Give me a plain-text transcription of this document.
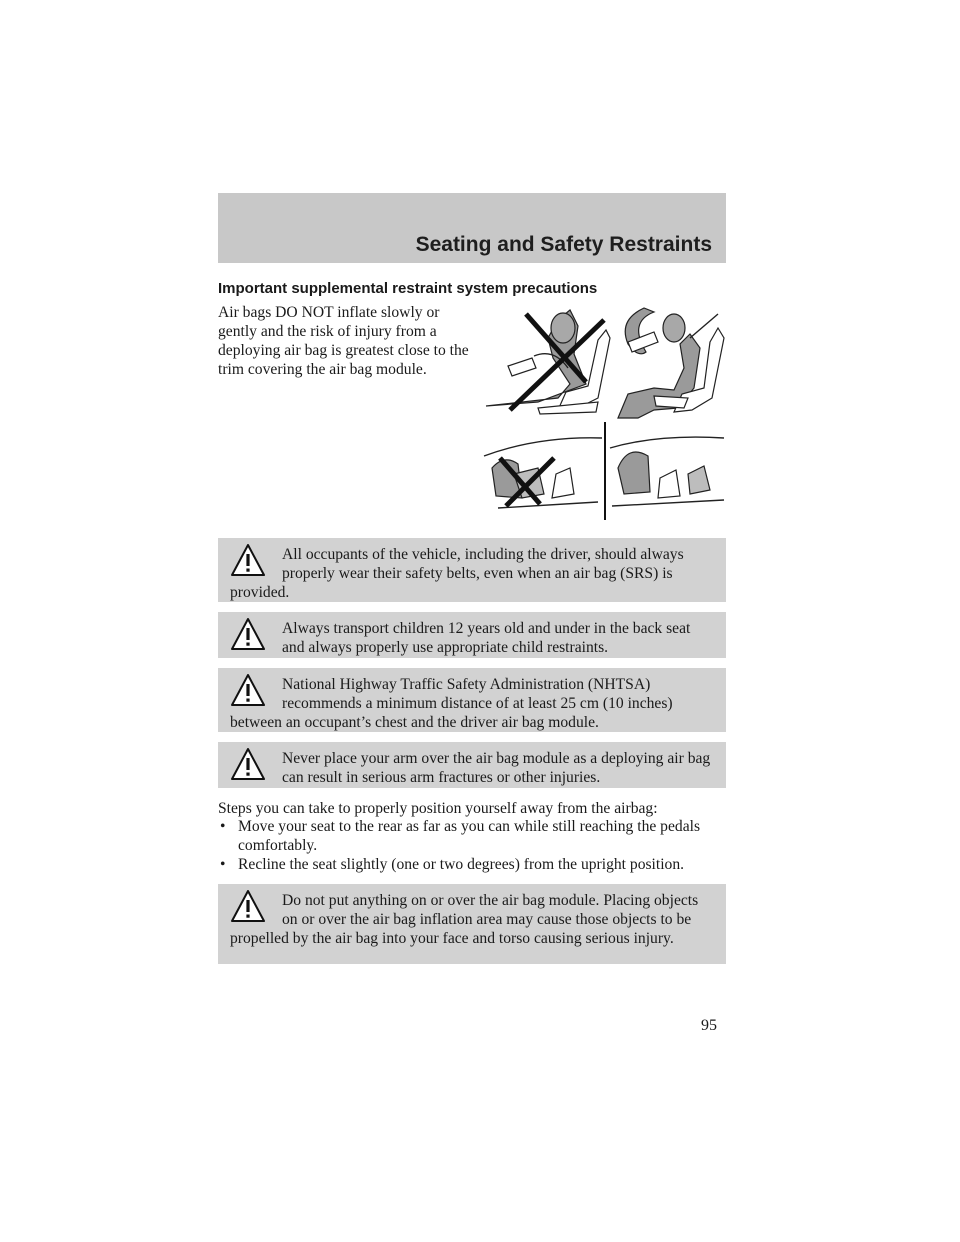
Seating and Safety Restraints
Important supplemental restraint system precautions
Air bags DO NOT inflate slowly or gently and the risk of injury from a deploying air bag is greatest close to the trim covering the air bag module.
All occupants of the vehicle, including the driver, should always properly wear their safety belts, even when an air bag (SRS) is provided.
Always transport children 12 years old and under in the back seat and always properly use appropriate child restraints.
National Highway Traffic Safety Administration (NHTSA) recommends a minimum distance of at least 25 cm (10 inches) between an occupant’s chest and the driver air bag module.
Never place your arm over the air bag module as a deploying air bag can result in serious arm fractures or other injuries.
Steps you can take to properly position yourself away from the airbag:
• Move your seat to the rear as far as you can while still reaching the pedals comfortably.
• Recline the seat slightly (one or two degrees) from the upright position.
Do not put anything on or over the air bag module. Placing objects on or over the air bag inflation area may cause those objects to be propelled by the air bag into your face and torso causing serious injury.
95
